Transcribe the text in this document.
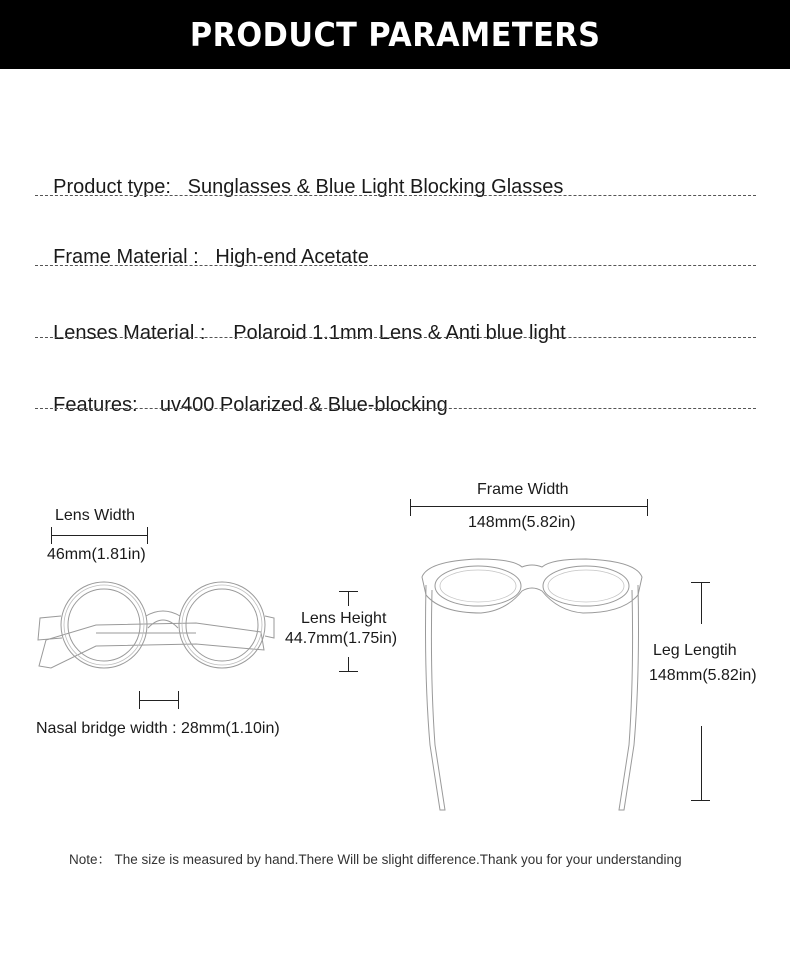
PRODUCT PARAMETERS

Product type: Sunglasses & Blue Light Blocking Glasses

Frame Material : High-end Acetate

Lenses Material : Polaroid 1.1mm Lens & Anti blue light

Features: uv400 Polarized & Blue-blocking

Lens Width
46mm(1.81in)
Lens Height
44.7mm(1.75in)
Nasal bridge width : 28mm(1.10in)
Frame Width
148mm(5.82in)
Leg Lengtih
148mm(5.82in)
Note： The size is measured by hand.There Will be slight difference.Thank you for your understanding
